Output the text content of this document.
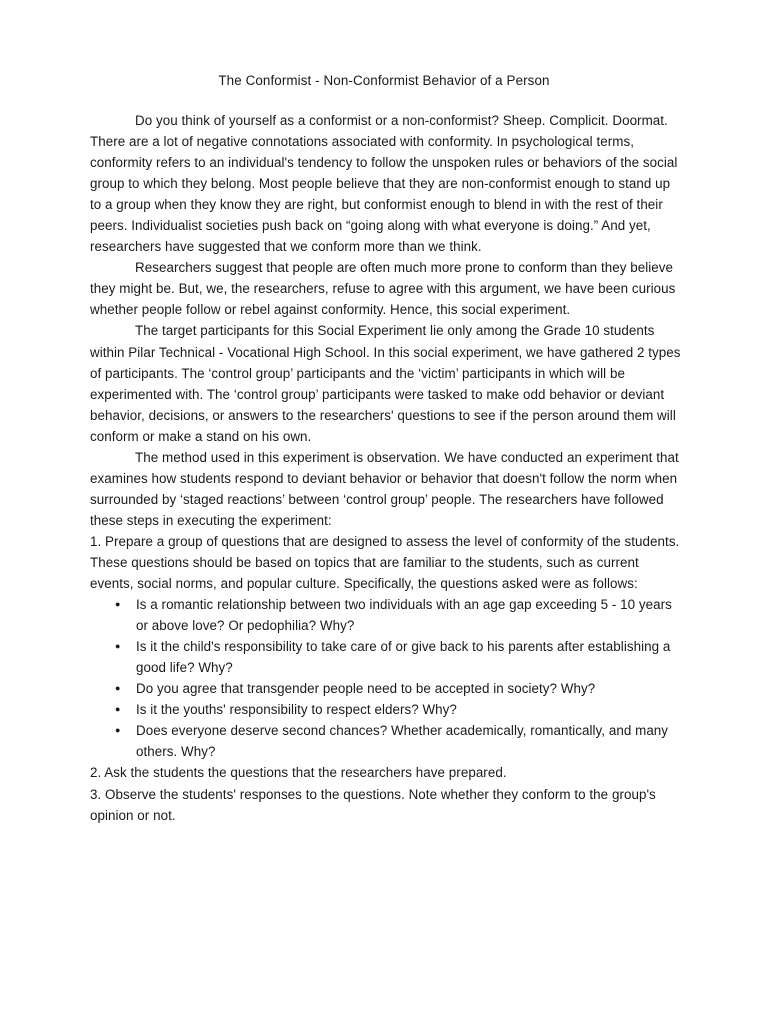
The Conformist - Non-Conformist Behavior of a Person

Do you think of yourself as a conformist or a non-conformist? Sheep. Complicit. Doormat. There are a lot of negative connotations associated with conformity. In psychological terms, conformity refers to an individual's tendency to follow the unspoken rules or behaviors of the social group to which they belong. Most people believe that they are non-conformist enough to stand up to a group when they know they are right, but conformist enough to blend in with the rest of their peers. Individualist societies push back on “going along with what everyone is doing.” And yet, researchers have suggested that we conform more than we think.

Researchers suggest that people are often much more prone to conform than they believe they might be. But, we, the researchers, refuse to agree with this argument, we have been curious whether people follow or rebel against conformity. Hence, this social experiment.

The target participants for this Social Experiment lie only among the Grade 10 students within Pilar Technical - Vocational High School. In this social experiment, we have gathered 2 types of participants. The ‘control group’ participants and the ‘victim’ participants in which will be experimented with. The ‘control group’ participants were tasked to make odd behavior or deviant behavior, decisions, or answers to the researchers' questions to see if the person around them will conform or make a stand on his own.

The method used in this experiment is observation. We have conducted an experiment that examines how students respond to deviant behavior or behavior that doesn't follow the norm when surrounded by ‘staged reactions’ between ‘control group’ people. The researchers have followed these steps in executing the experiment:

1. Prepare a group of questions that are designed to assess the level of conformity of the students. These questions should be based on topics that are familiar to the students, such as current events, social norms, and popular culture. Specifically, the questions asked were as follows:
● Is a romantic relationship between two individuals with an age gap exceeding 5 - 10 years or above love? Or pedophilia? Why?
● Is it the child's responsibility to take care of or give back to his parents after establishing a good life? Why?
● Do you agree that transgender people need to be accepted in society? Why?
● Is it the youths' responsibility to respect elders? Why?
● Does everyone deserve second chances? Whether academically, romantically, and many others. Why?
2. Ask the students the questions that the researchers have prepared.
3. Observe the students' responses to the questions. Note whether they conform to the group's opinion or not.
